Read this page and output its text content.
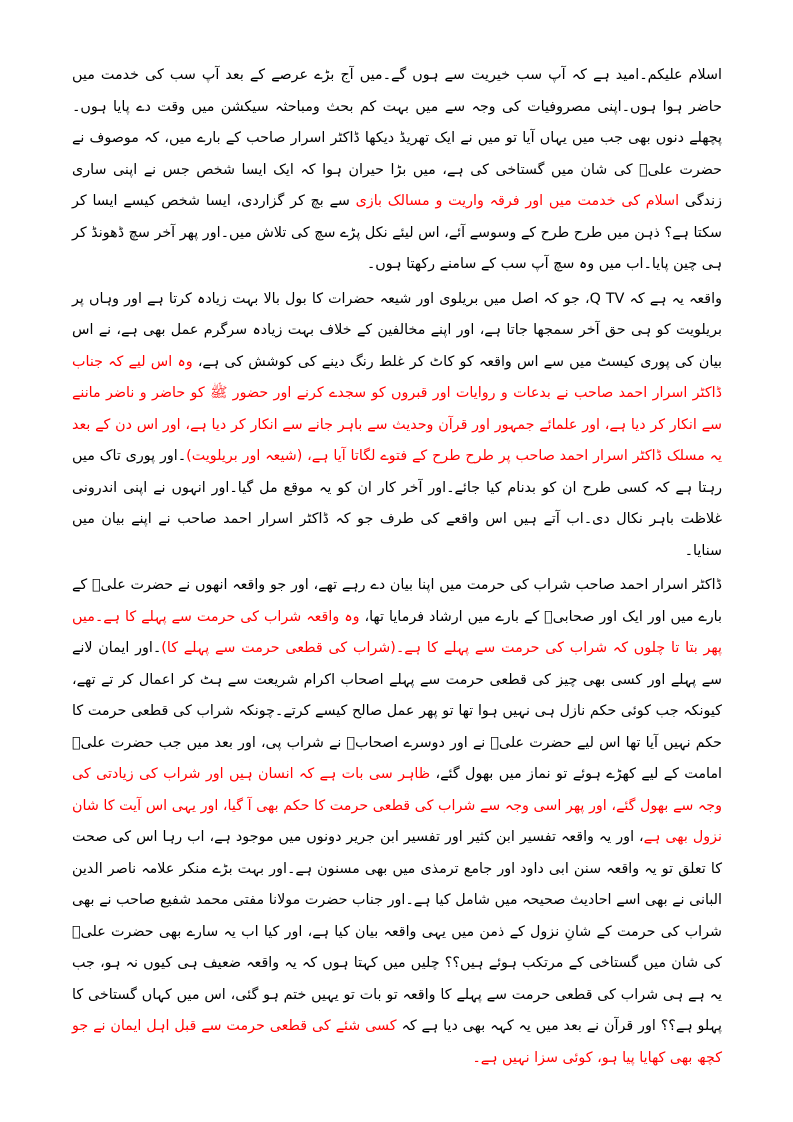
اسلام علیکم۔امید ہے کہ آپ سب خیریت سے ہوں گے۔میں آج بڑے عرصے کے بعد آپ سب کی خدمت میں حاضر ہوا ہوں۔اپنی مصروفیات کی وجہ سے میں بہت کم بحث ومباحثہ سیکشن میں وقت دے پایا ہوں۔پچھلے دنوں بھی جب میں یہاں آیا تو میں نے ایک تھریڈ دیکھا ڈاکٹر اسرار صاحب کے بارے میں، کہ موصوف نے حضرت علیؓ کی شان میں گستاخی کی ہے، میں بڑا حیران ہوا کہ ایک ایسا شخص جس نے اپنی ساری زندگی اسلام کی خدمت میں اور فرقہ واریت و مسالک بازی سے بچ کر گزاردی، ایسا شخص کیسے ایسا کر سکتا ہے؟ ذہن میں طرح طرح کے وسوسے آئے، اس لیئے نکل پڑے سچ کی تلاش میں۔اور پھر آخر سچ ڈھونڈ کر ہی چین پایا۔اب میں وہ سچ آپ سب کے سامنے رکھتا ہوں۔

واقعہ یہ ہے کہ Q TV، جو کہ اصل میں بریلوی اور شیعہ حضرات کا بول بالا بہت زیادہ کرتا ہے اور وہاں پر بریلویت کو ہی حق آخر سمجھا جاتا ہے، اور اپنے مخالفین کے خلاف بہت زیادہ سرگرم عمل بھی ہے، نے اس بیان کی پوری کیسٹ میں سے اس واقعہ کو کاٹ کر غلط رنگ دینے کی کوشش کی ہے، وہ اس لیے کہ جناب ڈاکٹر اسرار احمد صاحب نے بدعات و روایات اور قبروں کو سجدے کرنے اور حضور ﷺ کو حاضر و ناضر ماننے سے انکار کر دیا ہے، اور علمائے جمہور اور قرآن وحدیث سے باہر جانے سے انکار کر دیا ہے، اور اس دن کے بعد یہ مسلک ڈاکٹر اسرار احمد صاحب پر طرح طرح کے فتوے لگاتا آیا ہے، (شیعہ اور بریلویت)۔اور پوری تاک میں رہتا ہے کہ کسی طرح ان کو بدنام کیا جائے۔اور آخر کار ان کو یہ موقع مل گیا۔اور انہوں نے اپنی اندرونی غلاظت باہر نکال دی۔اب آتے ہیں اس واقعے کی طرف جو کہ ڈاکٹر اسرار احمد صاحب نے اپنے بیان میں سنایا۔

ڈاکٹر اسرار احمد صاحب شراب کی حرمت میں اپنا بیان دے رہے تھے، اور جو واقعہ انھوں نے حضرت علیؓ کے بارے میں اور ایک اور صحابیؓ کے بارے میں ارشاد فرمایا تھا، وہ واقعہ شراب کی حرمت سے پہلے کا ہے۔میں پھر بتا تا چلوں کہ شراب کی حرمت سے پہلے کا ہے۔(شراب کی قطعی حرمت سے پہلے کا)۔اور ایمان لانے سے پہلے اور کسی بھی چیز کی قطعی حرمت سے پہلے اصحاب اکرام شریعت سے ہٹ کر اعمال کر تے تھے، کیونکہ جب کوئی حکم نازل ہی نہیں ہوا تھا تو پھر عمل صالح کیسے کرتے۔چونکہ شراب کی قطعی حرمت کا حکم نہیں آیا تھا اس لیے حضرت علیؓ نے اور دوسرے اصحابؓ نے شراب پی، اور بعد میں جب حضرت علیؓ امامت کے لیے کھڑے ہوئے تو نماز میں بھول گئے، ظاہر سی بات ہے کہ انسان ہیں اور شراب کی زیادتی کی وجہ سے بھول گئے، اور پھر اسی وجہ سے شراب کی قطعی حرمت کا حکم بھی آ گیا، اور یہی اس آیت کا شان نزول بھی ہے، اور یہ واقعہ تفسیر ابن کثیر اور تفسیر ابن جریر دونوں میں موجود ہے، اب رہا اس کی صحت کا تعلق تو یہ واقعہ سنن ابی داود اور جامع ترمذی میں بھی مسنون ہے۔اور بہت بڑے منکر علامہ ناصر الدین البانی نے بھی اسے احادیث صحیحہ میں شامل کیا ہے۔اور جناب حضرت مولانا مفتی محمد شفیع صاحب نے بھی شراب کی حرمت کے شانِ نزول کے ذمن میں یہی واقعہ بیان کیا ہے، اور کیا اب یہ سارے بھی حضرت علیؓ کی شان میں گستاخی کے مرتکب ہوئے ہیں؟؟ چلیں میں کہتا ہوں کہ یہ واقعہ ضعیف ہی کیوں نہ ہو، جب یہ ہے ہی شراب کی قطعی حرمت سے پہلے کا واقعہ تو بات تو یہیں ختم ہو گئی، اس میں کہاں گستاخی کا پہلو ہے؟؟ اور قرآن نے بعد میں یہ کہہ بھی دیا ہے کہ کسی شئے کی قطعی حرمت سے قبل اہل ایمان نے جو کچھ بھی کھایا پیا ہو، کوئی سزا نہیں ہے۔
